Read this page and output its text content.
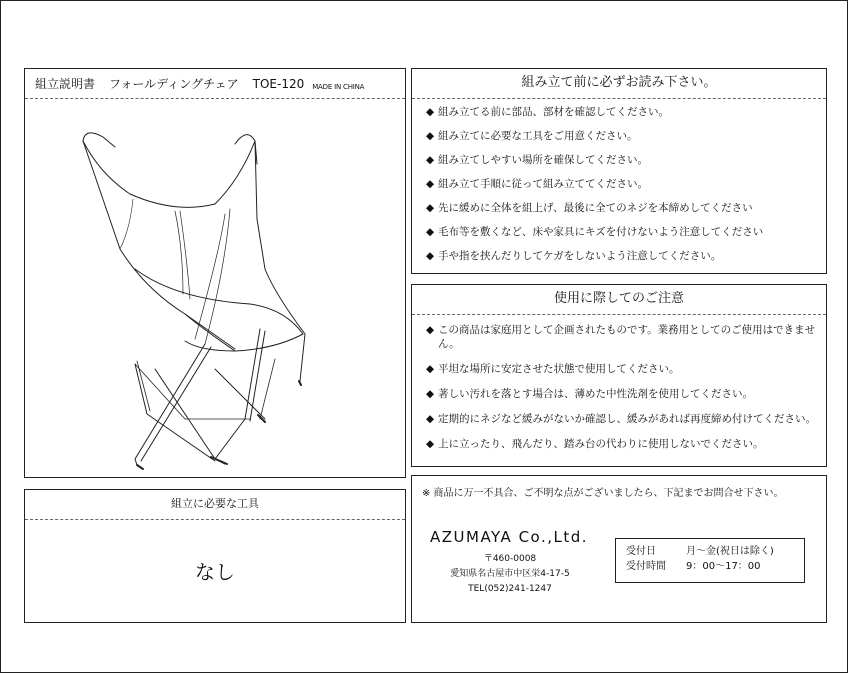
組立説明書 フォールディングチェア TOE-120 MADE IN CHINA
組立に必要な工具
なし
組み立て前に必ずお読み下さい。
◆ 組み立てる前に部品、部材を確認してください。
◆ 組み立てに必要な工具をご用意ください。
◆ 組み立てしやすい場所を確保してください。
◆ 組み立て手順に従って組み立ててください。
◆ 先に緩めに全体を組上げ、最後に全てのネジを本締めしてください
◆ 毛布等を敷くなど、床や家具にキズを付けないよう注意してください
◆ 手や指を挟んだりしてケガをしないよう注意してください。
使用に際してのご注意
◆ この商品は家庭用として企画されたものです。業務用としてのご使用はできません。
◆ 平坦な場所に安定させた状態で使用してください。
◆ 著しい汚れを落とす場合は、薄めた中性洗剤を使用してください。
◆ 定期的にネジなど緩みがないか確認し、緩みがあれば再度締め付けてください。
◆ 上に立ったり、飛んだり、踏み台の代わりに使用しないでください。
※ 商品に万一不具合、ご不明な点がございましたら、下記までお問合せ下さい。
AZUMAYA Co.,Ltd.
〒460-0008
愛知県名古屋市中区栄4-17-5
TEL(052)241-1247
受付日	月～金(祝日は除く)
受付時間	9：00～17：00
